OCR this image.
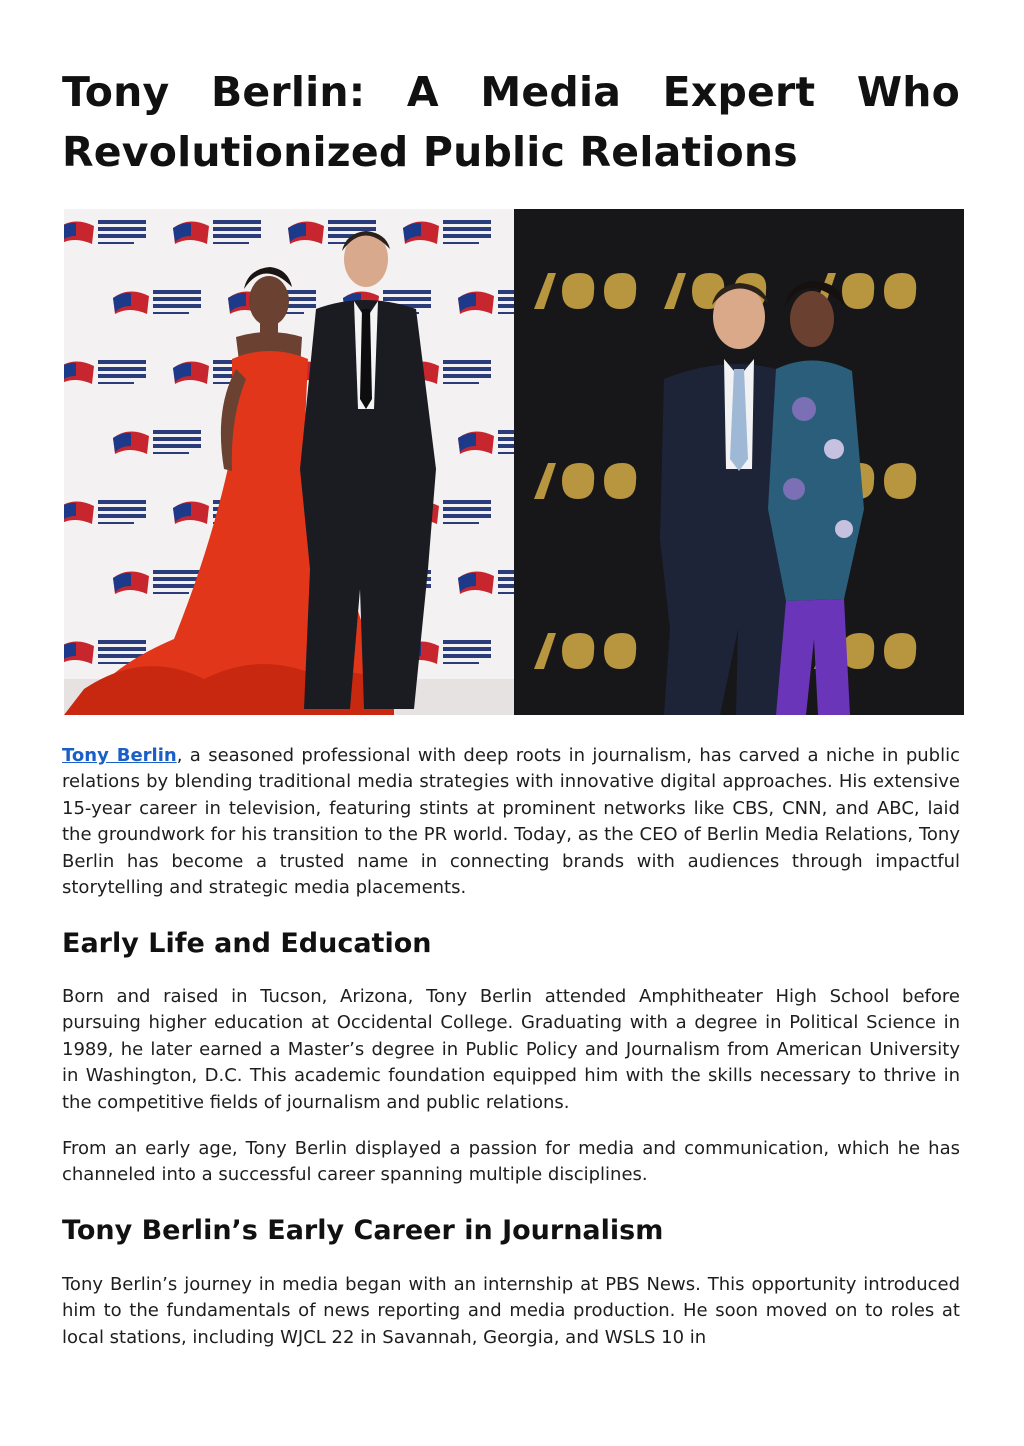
Tony Berlin: A Media Expert Who Revolutionized Public Relations

Tony Berlin, a seasoned professional with deep roots in journalism, has carved a niche in public relations by blending traditional media strategies with innovative digital approaches. His extensive 15-year career in television, featuring stints at prominent networks like CBS, CNN, and ABC, laid the groundwork for his transition to the PR world. Today, as the CEO of Berlin Media Relations, Tony Berlin has become a trusted name in connecting brands with audiences through impactful storytelling and strategic media placements.

Early Life and Education

Born and raised in Tucson, Arizona, Tony Berlin attended Amphitheater High School before pursuing higher education at Occidental College. Graduating with a degree in Political Science in 1989, he later earned a Master’s degree in Public Policy and Journalism from American University in Washington, D.C. This academic foundation equipped him with the skills necessary to thrive in the competitive fields of journalism and public relations.

From an early age, Tony Berlin displayed a passion for media and communication, which he has channeled into a successful career spanning multiple disciplines.

Tony Berlin’s Early Career in Journalism

Tony Berlin’s journey in media began with an internship at PBS News. This opportunity introduced him to the fundamentals of news reporting and media production. He soon moved on to roles at local stations, including WJCL 22 in Savannah, Georgia, and WSLS 10 in
